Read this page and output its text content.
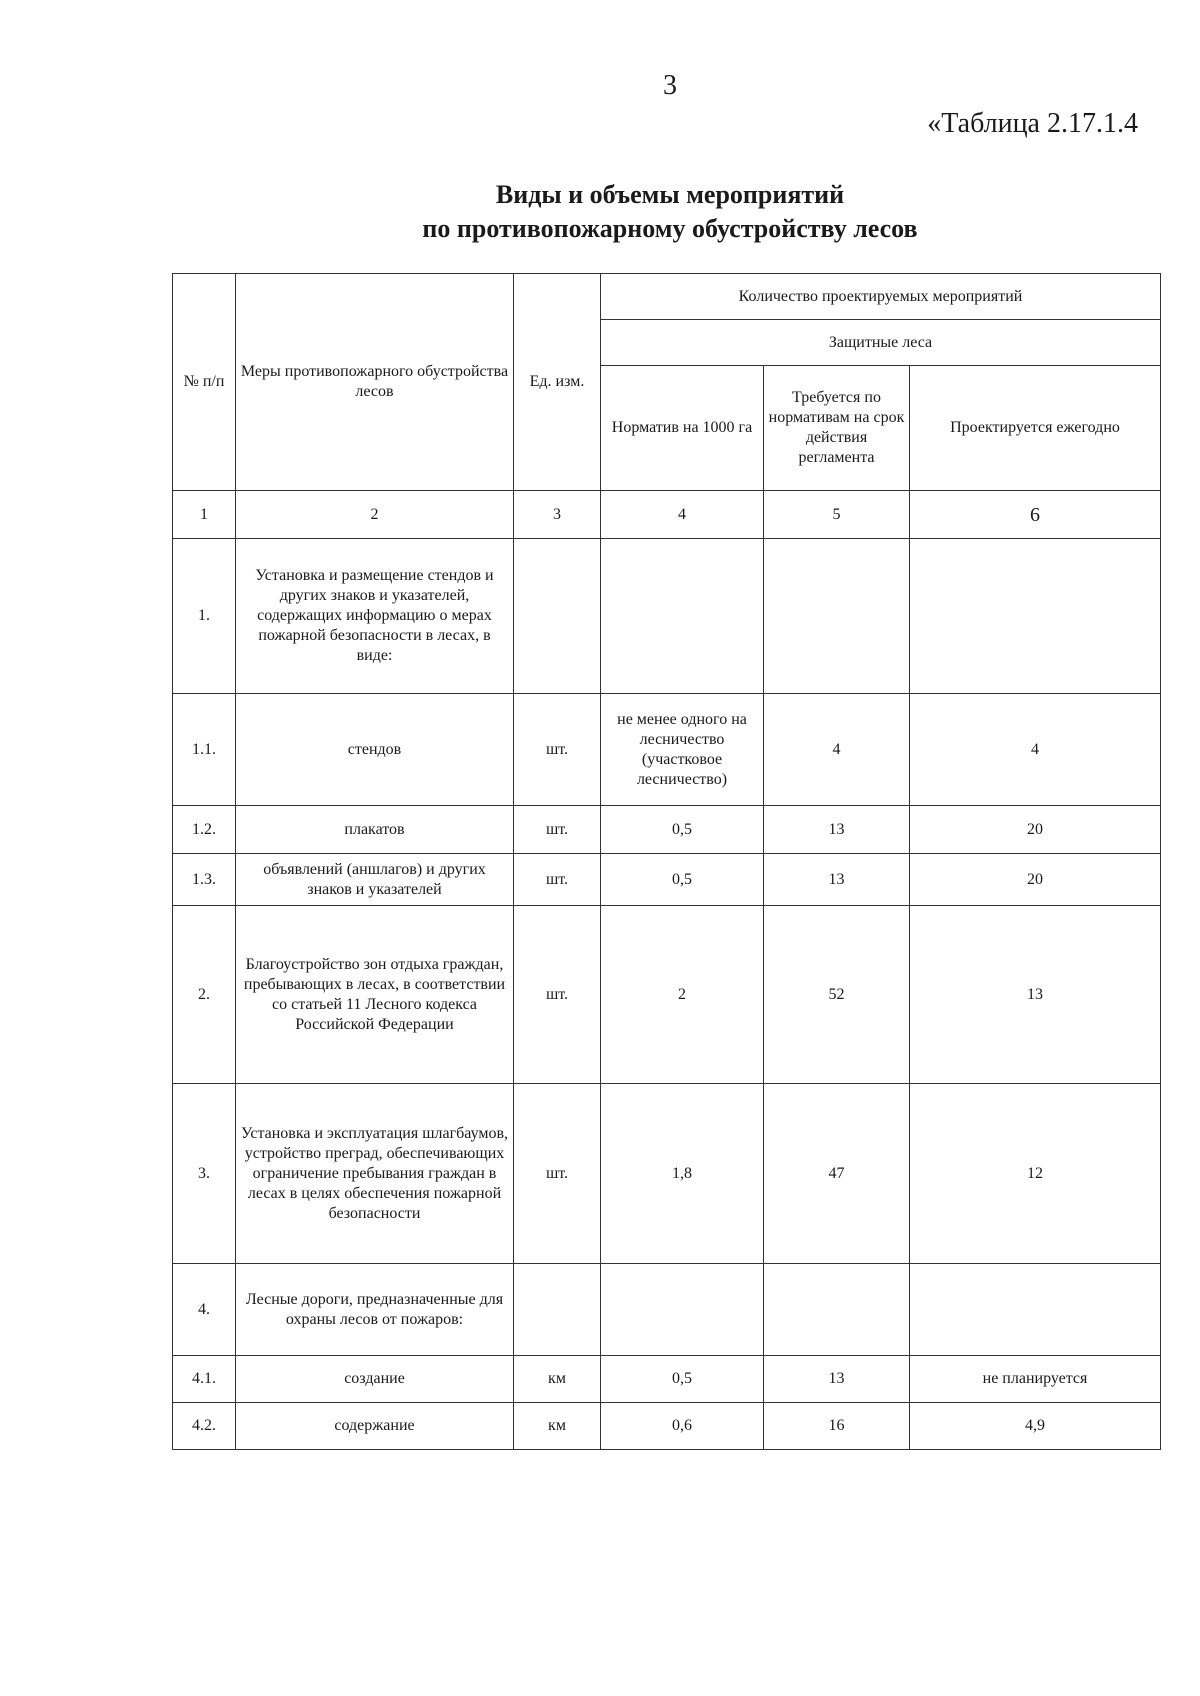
3
«Таблица 2.17.1.4
Виды и объемы мероприятий
по противопожарному обустройству лесов
№ п/п	Меры противопожарного обустройства лесов	Ед. изм.	Количество проектируемых мероприятий		
			Защитные леса		
			Норматив на 1000 га	Требуется по нормативам на срок действия регламента	Проектируется ежегодно
1	2	3	4	5	6
1.	Установка и размещение стендов и других знаков и указателей, содержащих информацию о мерах пожарной безопасности в лесах, в виде:				
1.1.	стендов	шт.	не менее одного на лесничество (участковое лесничество)	4	4
1.2.	плакатов	шт.	0,5	13	20
1.3.	объявлений (аншлагов) и других знаков и указателей	шт.	0,5	13	20
2.	Благоустройство зон отдыха граждан, пребывающих в лесах, в соответствии со статьей 11 Лесного кодекса Российской Федерации	шт.	2	52	13
3.	Установка и эксплуатация шлагбаумов, устройство преград, обеспечивающих ограничение пребывания граждан в лесах в целях обеспечения пожарной безопасности	шт.	1,8	47	12
4.	Лесные дороги, предназначенные для охраны лесов от пожаров:				
4.1.	создание	км	0,5	13	не планируется
4.2.	содержание	км	0,6	16	4,9
